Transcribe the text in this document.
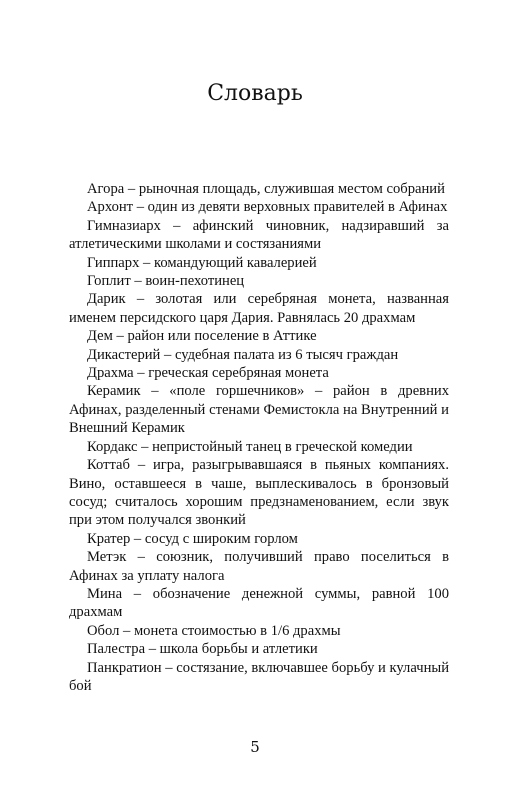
Словарь
Агора – рыночная площадь, служившая местом собраний
Архонт – один из девяти верховных правителей в Афинах
Гимназиарх – афинский чиновник, надзиравший за атлетическими школами и состязаниями
Гиппарх – командующий кавалерией
Гоплит – воин-пехотинец
Дарик – золотая или серебряная монета, названная именем персидского царя Дария. Равнялась 20 драхмам
Дем – район или поселение в Аттике
Дикастерий – судебная палата из 6 тысяч граждан
Драхма – греческая серебряная монета
Керамик – «поле горшечников» – район в древних Афинах, разделенный стенами Фемистокла на Внутренний и Внешний Керамик
Кордакс – непристойный танец в греческой комедии
Коттаб – игра, разыгрывавшаяся в пьяных компаниях. Вино, оставшееся в чаше, выплескивалось в бронзовый сосуд; считалось хорошим предзнаменованием, если звук при этом получался звонкий
Кратер – сосуд с широким горлом
Метэк – союзник, получивший право поселиться в Афинах за уплату налога
Мина – обозначение денежной суммы, равной 100 драхмам
Обол – монета стоимостью в 1/6 драхмы
Палестра – школа борьбы и атлетики
Панкратион – состязание, включавшее борьбу и кулачный бой
5
